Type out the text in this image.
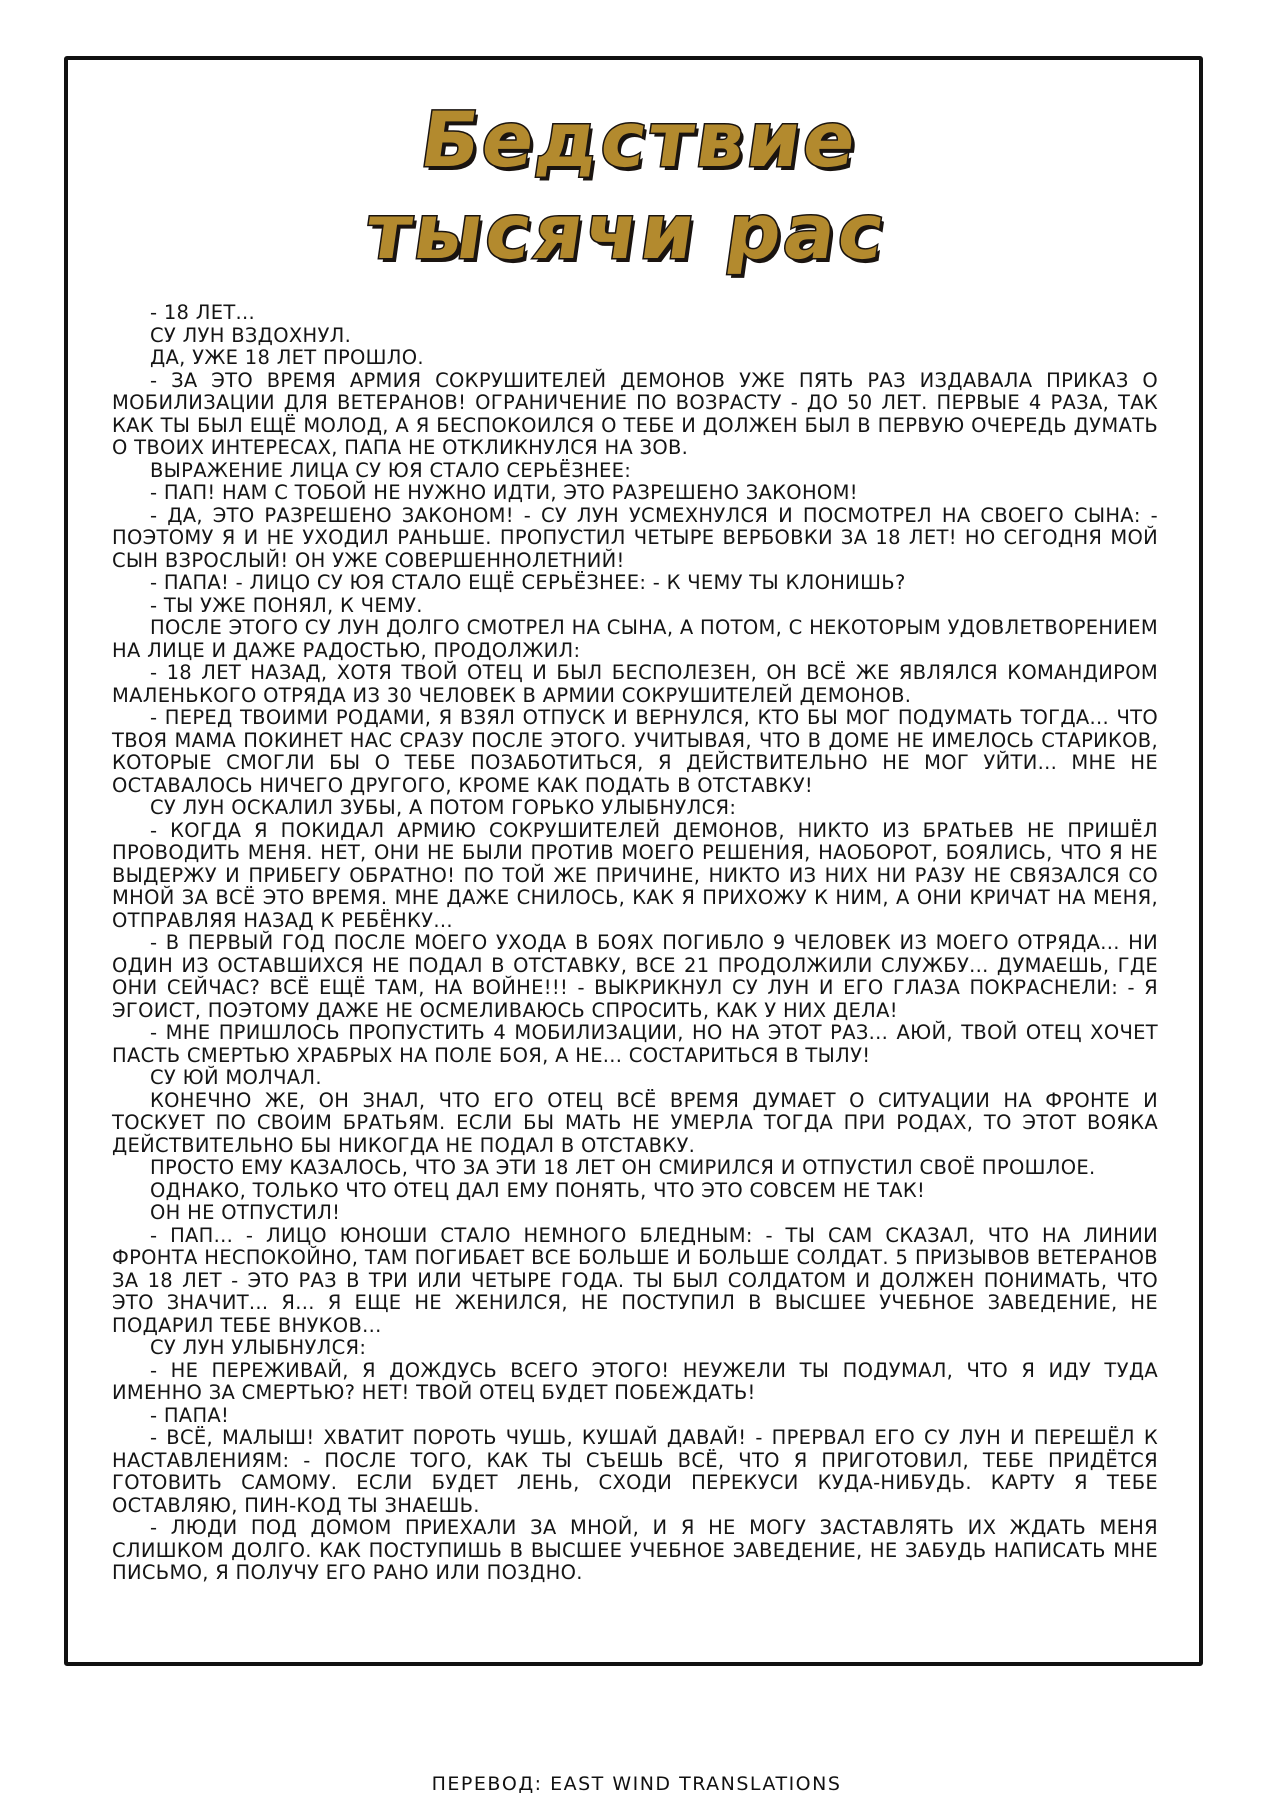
Бедствие
тысячи рас

- 18 ЛЕТ...

СУ ЛУН ВЗДОХНУЛ.

ДА, УЖЕ 18 ЛЕТ ПРОШЛО.

- ЗА ЭТО ВРЕМЯ АРМИЯ СОКРУШИТЕЛЕЙ ДЕМОНОВ УЖЕ ПЯТЬ РАЗ ИЗДАВАЛА ПРИКАЗ О МОБИЛИЗАЦИИ ДЛЯ ВЕТЕРАНОВ! ОГРАНИЧЕНИЕ ПО ВОЗРАСТУ - ДО 50 ЛЕТ. ПЕРВЫЕ 4 РАЗА, ТАК КАК ТЫ БЫЛ ЕЩЁ МОЛОД, А Я БЕСПОКОИЛСЯ О ТЕБЕ И ДОЛЖЕН БЫЛ В ПЕРВУЮ ОЧЕРЕДЬ ДУМАТЬ О ТВОИХ ИНТЕРЕСАХ, ПАПА НЕ ОТКЛИКНУЛСЯ НА ЗОВ.

ВЫРАЖЕНИЕ ЛИЦА СУ ЮЯ СТАЛО СЕРЬЁЗНЕЕ:

- ПАП! НАМ С ТОБОЙ НЕ НУЖНО ИДТИ, ЭТО РАЗРЕШЕНО ЗАКОНОМ!

- ДА, ЭТО РАЗРЕШЕНО ЗАКОНОМ! - СУ ЛУН УСМЕХНУЛСЯ И ПОСМОТРЕЛ НА СВОЕГО СЫНА: - ПОЭТОМУ Я И НЕ УХОДИЛ РАНЬШЕ. ПРОПУСТИЛ ЧЕТЫРЕ ВЕРБОВКИ ЗА 18 ЛЕТ! НО СЕГОДНЯ МОЙ СЫН ВЗРОСЛЫЙ! ОН УЖЕ СОВЕРШЕННОЛЕТНИЙ!

- ПАПА! - ЛИЦО СУ ЮЯ СТАЛО ЕЩЁ СЕРЬЁЗНЕЕ: - К ЧЕМУ ТЫ КЛОНИШЬ?

- ТЫ УЖЕ ПОНЯЛ, К ЧЕМУ.

ПОСЛЕ ЭТОГО СУ ЛУН ДОЛГО СМОТРЕЛ НА СЫНА, А ПОТОМ, С НЕКОТОРЫМ УДОВЛЕТВОРЕНИЕМ НА ЛИЦЕ И ДАЖЕ РАДОСТЬЮ, ПРОДОЛЖИЛ:

- 18 ЛЕТ НАЗАД, ХОТЯ ТВОЙ ОТЕЦ И БЫЛ БЕСПОЛЕЗЕН, ОН ВСЁ ЖЕ ЯВЛЯЛСЯ КОМАНДИРОМ МАЛЕНЬКОГО ОТРЯДА ИЗ 30 ЧЕЛОВЕК В АРМИИ СОКРУШИТЕЛЕЙ ДЕМОНОВ.

- ПЕРЕД ТВОИМИ РОДАМИ, Я ВЗЯЛ ОТПУСК И ВЕРНУЛСЯ, КТО БЫ МОГ ПОДУМАТЬ ТОГДА... ЧТО ТВОЯ МАМА ПОКИНЕТ НАС СРАЗУ ПОСЛЕ ЭТОГО. УЧИТЫВАЯ, ЧТО В ДОМЕ НЕ ИМЕЛОСЬ СТАРИКОВ, КОТОРЫЕ СМОГЛИ БЫ О ТЕБЕ ПОЗАБОТИТЬСЯ, Я ДЕЙСТВИТЕЛЬНО НЕ МОГ УЙТИ... МНЕ НЕ ОСТАВАЛОСЬ НИЧЕГО ДРУГОГО, КРОМЕ КАК ПОДАТЬ В ОТСТАВКУ!

СУ ЛУН ОСКАЛИЛ ЗУБЫ, А ПОТОМ ГОРЬКО УЛЫБНУЛСЯ:

- КОГДА Я ПОКИДАЛ АРМИЮ СОКРУШИТЕЛЕЙ ДЕМОНОВ, НИКТО ИЗ БРАТЬЕВ НЕ ПРИШЁЛ ПРОВОДИТЬ МЕНЯ. НЕТ, ОНИ НЕ БЫЛИ ПРОТИВ МОЕГО РЕШЕНИЯ, НАОБОРОТ, БОЯЛИСЬ, ЧТО Я НЕ ВЫДЕРЖУ И ПРИБЕГУ ОБРАТНО! ПО ТОЙ ЖЕ ПРИЧИНЕ, НИКТО ИЗ НИХ НИ РАЗУ НЕ СВЯЗАЛСЯ СО МНОЙ ЗА ВСЁ ЭТО ВРЕМЯ. МНЕ ДАЖЕ СНИЛОСЬ, КАК Я ПРИХОЖУ К НИМ, А ОНИ КРИЧАТ НА МЕНЯ, ОТПРАВЛЯЯ НАЗАД К РЕБЁНКУ...

- В ПЕРВЫЙ ГОД ПОСЛЕ МОЕГО УХОДА В БОЯХ ПОГИБЛО 9 ЧЕЛОВЕК ИЗ МОЕГО ОТРЯДА... НИ ОДИН ИЗ ОСТАВШИХСЯ НЕ ПОДАЛ В ОТСТАВКУ, ВСЕ 21 ПРОДОЛЖИЛИ СЛУЖБУ... ДУМАЕШЬ, ГДЕ ОНИ СЕЙЧАС? ВСЁ ЕЩЁ ТАМ, НА ВОЙНЕ!!! - ВЫКРИКНУЛ СУ ЛУН И ЕГО ГЛАЗА ПОКРАСНЕЛИ: - Я ЭГОИСТ, ПОЭТОМУ ДАЖЕ НЕ ОСМЕЛИВАЮСЬ СПРОСИТЬ, КАК У НИХ ДЕЛА!

- МНЕ ПРИШЛОСЬ ПРОПУСТИТЬ 4 МОБИЛИЗАЦИИ, НО НА ЭТОТ РАЗ... АЮЙ, ТВОЙ ОТЕЦ ХОЧЕТ ПАСТЬ СМЕРТЬЮ ХРАБРЫХ НА ПОЛЕ БОЯ, А НЕ... СОСТАРИТЬСЯ В ТЫЛУ!

СУ ЮЙ МОЛЧАЛ.

КОНЕЧНО ЖЕ, ОН ЗНАЛ, ЧТО ЕГО ОТЕЦ ВСЁ ВРЕМЯ ДУМАЕТ О СИТУАЦИИ НА ФРОНТЕ И ТОСКУЕТ ПО СВОИМ БРАТЬЯМ. ЕСЛИ БЫ МАТЬ НЕ УМЕРЛА ТОГДА ПРИ РОДАХ, ТО ЭТОТ ВОЯКА ДЕЙСТВИТЕЛЬНО БЫ НИКОГДА НЕ ПОДАЛ В ОТСТАВКУ.

ПРОСТО ЕМУ КАЗАЛОСЬ, ЧТО ЗА ЭТИ 18 ЛЕТ ОН СМИРИЛСЯ И ОТПУСТИЛ СВОЁ ПРОШЛОЕ.

ОДНАКО, ТОЛЬКО ЧТО ОТЕЦ ДАЛ ЕМУ ПОНЯТЬ, ЧТО ЭТО СОВСЕМ НЕ ТАК!

ОН НЕ ОТПУСТИЛ!

- ПАП... - ЛИЦО ЮНОШИ СТАЛО НЕМНОГО БЛЕДНЫМ: - ТЫ САМ СКАЗАЛ, ЧТО НА ЛИНИИ ФРОНТА НЕСПОКОЙНО, ТАМ ПОГИБАЕТ ВСЕ БОЛЬШЕ И БОЛЬШЕ СОЛДАТ. 5 ПРИЗЫВОВ ВЕТЕРАНОВ ЗА 18 ЛЕТ - ЭТО РАЗ В ТРИ ИЛИ ЧЕТЫРЕ ГОДА. ТЫ БЫЛ СОЛДАТОМ И ДОЛЖЕН ПОНИМАТЬ, ЧТО ЭТО ЗНАЧИТ... Я... Я ЕЩЕ НЕ ЖЕНИЛСЯ, НЕ ПОСТУПИЛ В ВЫСШЕЕ УЧЕБНОЕ ЗАВЕДЕНИЕ, НЕ ПОДАРИЛ ТЕБЕ ВНУКОВ...

СУ ЛУН УЛЫБНУЛСЯ:

- НЕ ПЕРЕЖИВАЙ, Я ДОЖДУСЬ ВСЕГО ЭТОГО! НЕУЖЕЛИ ТЫ ПОДУМАЛ, ЧТО Я ИДУ ТУДА ИМЕННО ЗА СМЕРТЬЮ? НЕТ! ТВОЙ ОТЕЦ БУДЕТ ПОБЕЖДАТЬ!

- ПАПА!

- ВСЁ, МАЛЫШ! ХВАТИТ ПОРОТЬ ЧУШЬ, КУШАЙ ДАВАЙ! - ПРЕРВАЛ ЕГО СУ ЛУН И ПЕРЕШЁЛ К НАСТАВЛЕНИЯМ: - ПОСЛЕ ТОГО, КАК ТЫ СЪЕШЬ ВСЁ, ЧТО Я ПРИГОТОВИЛ, ТЕБЕ ПРИДЁТСЯ ГОТОВИТЬ САМОМУ. ЕСЛИ БУДЕТ ЛЕНЬ, СХОДИ ПЕРЕКУСИ КУДА-НИБУДЬ. КАРТУ Я ТЕБЕ ОСТАВЛЯЮ, ПИН-КОД ТЫ ЗНАЕШЬ.

- ЛЮДИ ПОД ДОМОМ ПРИЕХАЛИ ЗА МНОЙ, И Я НЕ МОГУ ЗАСТАВЛЯТЬ ИХ ЖДАТЬ МЕНЯ СЛИШКОМ ДОЛГО. КАК ПОСТУПИШЬ В ВЫСШЕЕ УЧЕБНОЕ ЗАВЕДЕНИЕ, НЕ ЗАБУДЬ НАПИСАТЬ МНЕ ПИСЬМО, Я ПОЛУЧУ ЕГО РАНО ИЛИ ПОЗДНО.

ПЕРЕВОД: EAST WIND TRANSLATIONS
